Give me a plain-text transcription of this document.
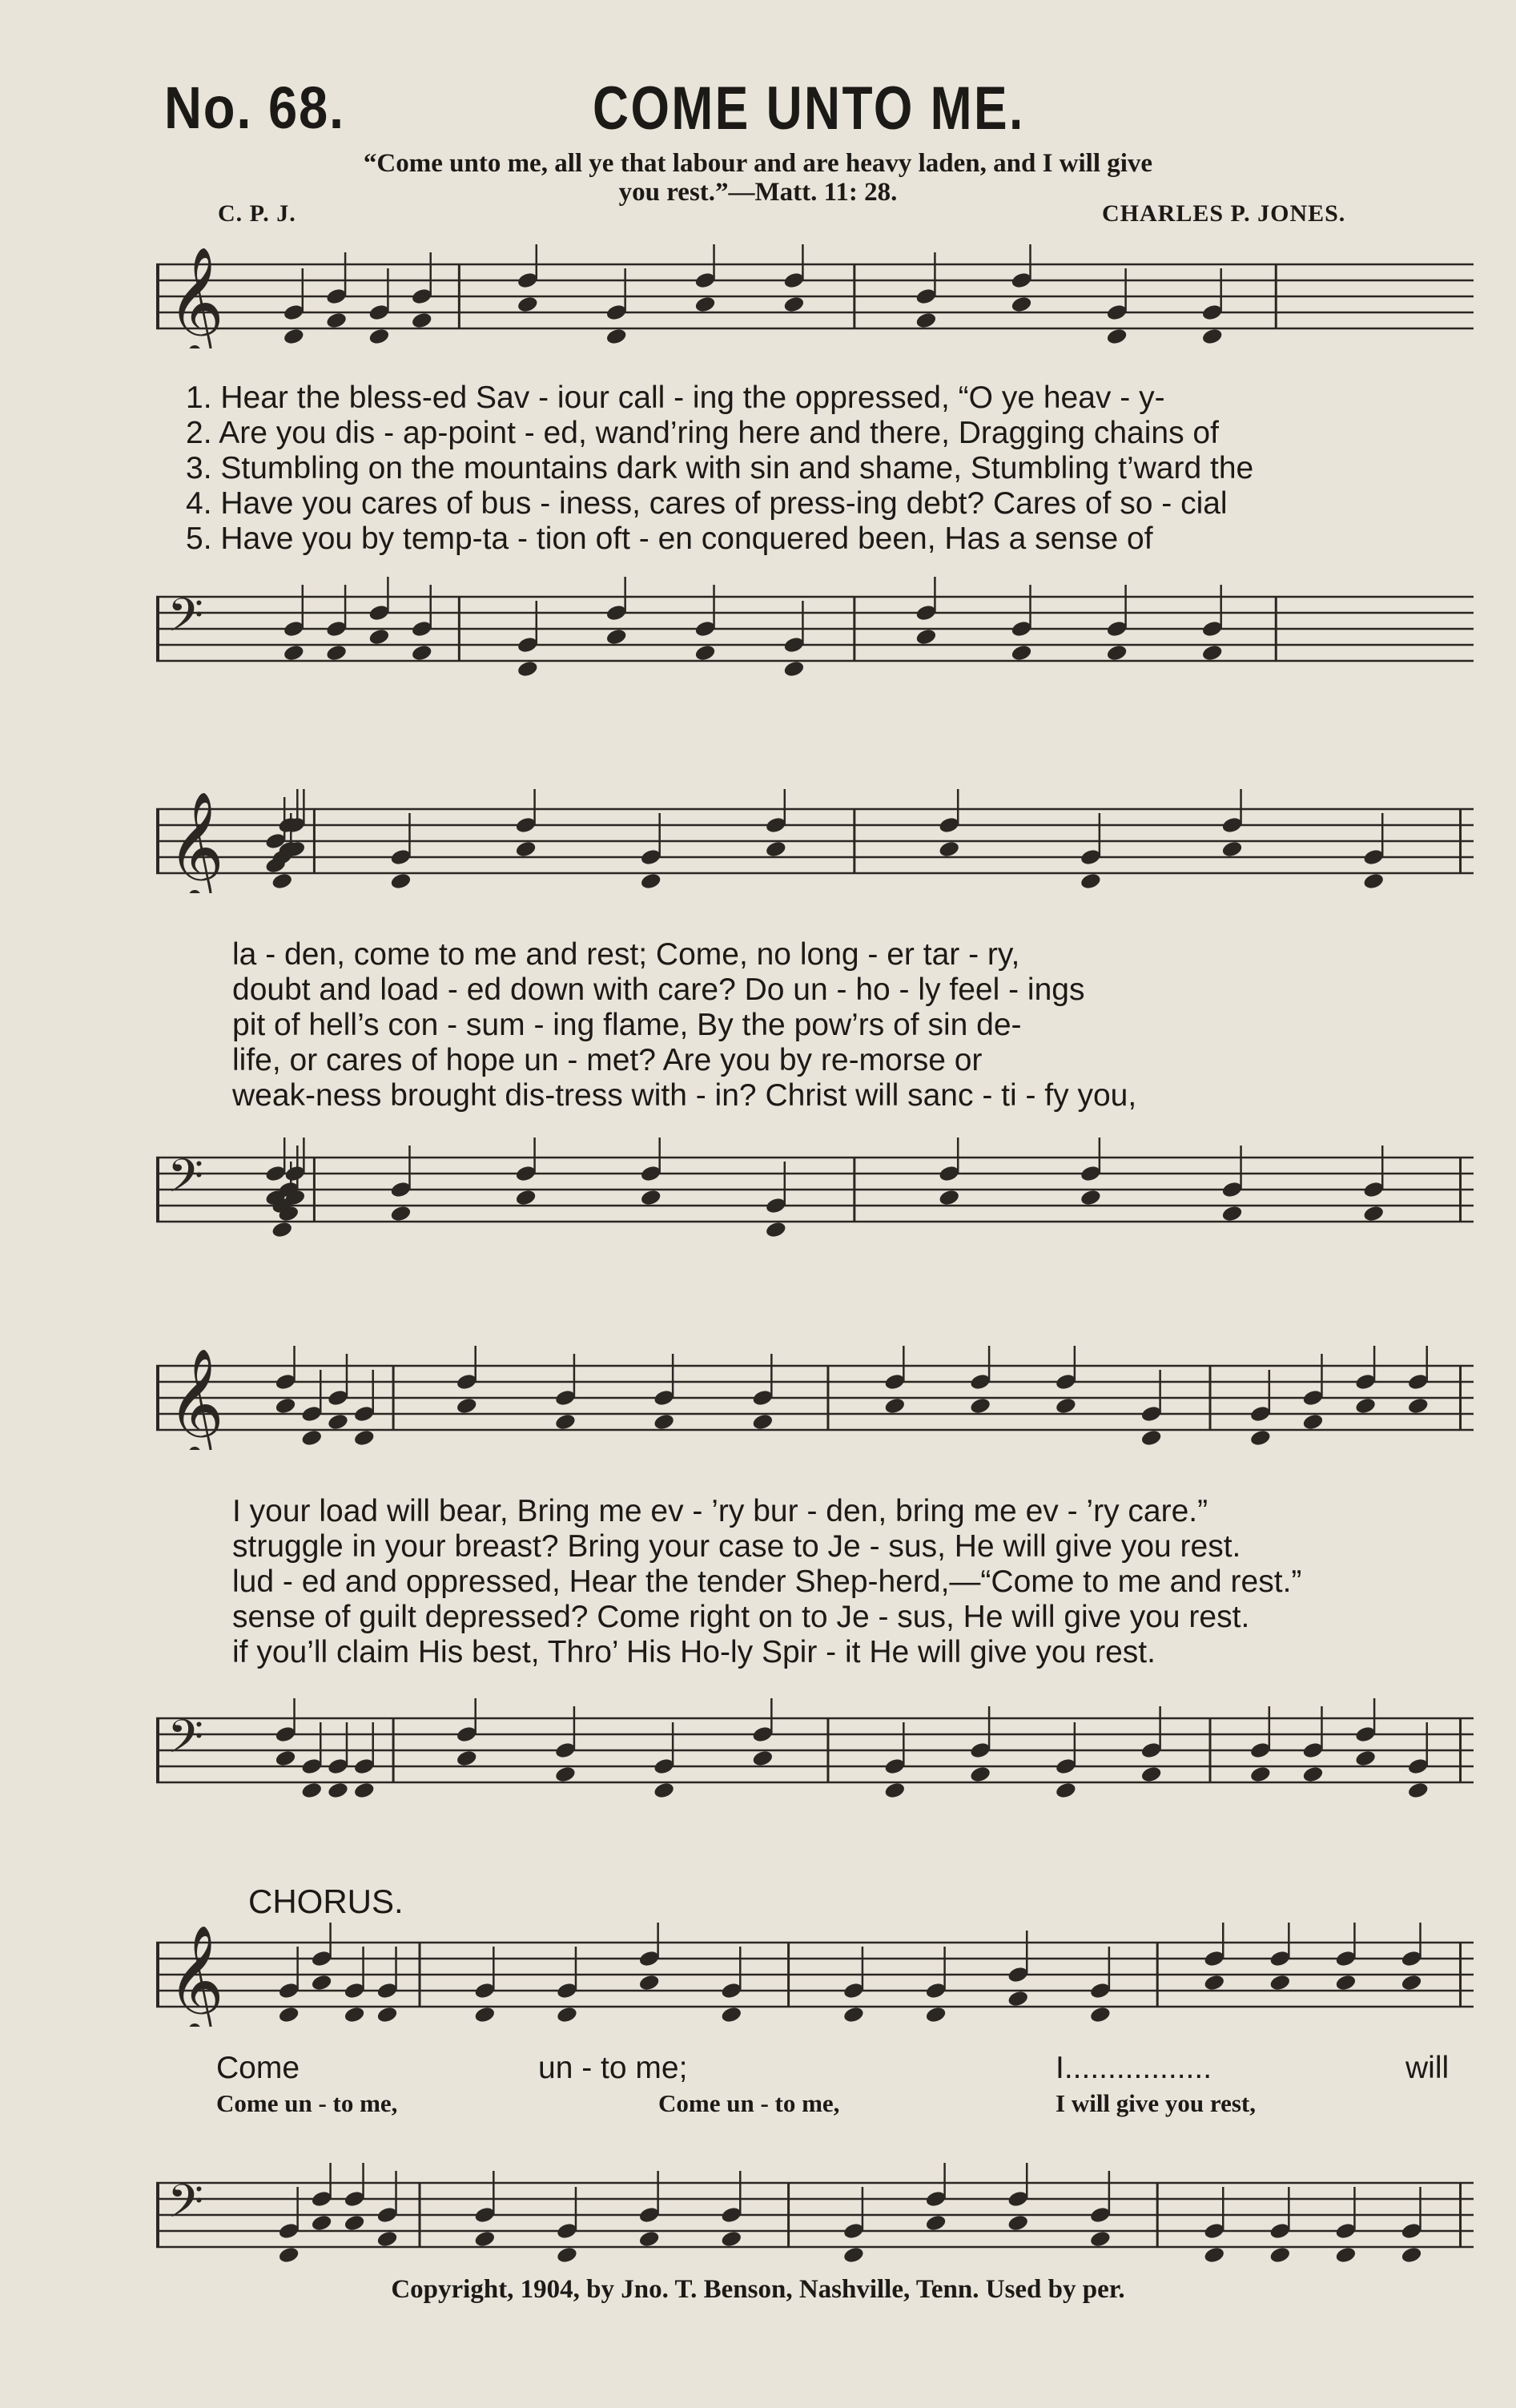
No. 68.	COME UNTO ME.
“Come unto me, all ye that labour and are heavy laden, and I will give
you rest.”—Matt. 11: 28.
C. P. J.	CHARLES P. JONES.
𝄞
1. Hear the bless-ed Sav - iour call - ing the oppressed, “O ye heav - y-
2. Are you dis - ap-point - ed, wand’ring here and there, Dragging chains of
3. Stumbling on the mountains dark with sin and shame, Stumbling t’ward the
4. Have you cares of bus - iness, cares of press-ing debt? Cares of so - cial
5. Have you by temp-ta - tion oft - en conquered been, Has a sense of
𝄢
𝄞
la - den, come to me and rest; Come, no long - er tar - ry,
doubt and load - ed down with care? Do un - ho - ly feel - ings
pit of hell’s con - sum - ing flame, By the pow’rs of sin de-
life, or cares of hope un - met? Are you by re-morse or
weak-ness brought dis-tress with - in? Christ will sanc - ti - fy you,
𝄢
𝄞
I your load will bear, Bring me ev - ’ry bur - den, bring me ev - ’ry care.”
struggle in your breast? Bring your case to Je - sus, He will give you rest.
lud - ed and oppressed, Hear the tender Shep-herd,—“Come to me and rest.”
sense of guilt depressed? Come right on to Je - sus, He will give you rest.
if you’ll claim His best, Thro’ His Ho-ly Spir - it He will give you rest.
𝄢
CHORUS.
𝄞
Come	un - to me;	I.................	will
Come un - to me,	Come un - to me,	I will give you rest,
𝄢
Copyright, 1904, by Jno. T. Benson, Nashville, Tenn. Used by per.
